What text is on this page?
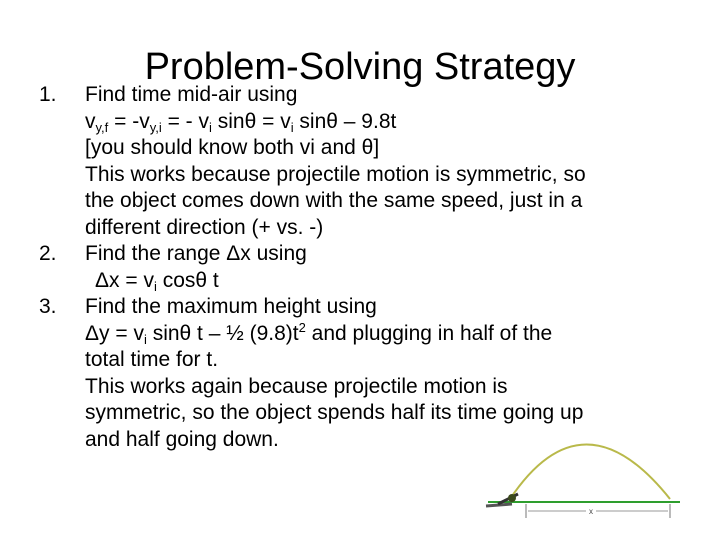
Problem-Solving Strategy
1. Find time mid-air using
$v_{y,f} = -v_{y,i}$ = - $v_i$ $\sin\theta = v_i$ sinθ – 9.8t
[you should know both vi and θ]
This works because projectile motion is symmetric, so
the object comes down with the same speed, just in a
different direction (+ vs. -)
2. Find the range Δx using
$\Delta x = v_i$ cosθ t
3. Find the maximum height using
$\Delta y = v_i$ sinθ t – ½ $(9.8)t^2$ and plugging in half of the
total time for t.
This works again because projectile motion is
symmetric, so the object spends half its time going up
and half going down.
x
